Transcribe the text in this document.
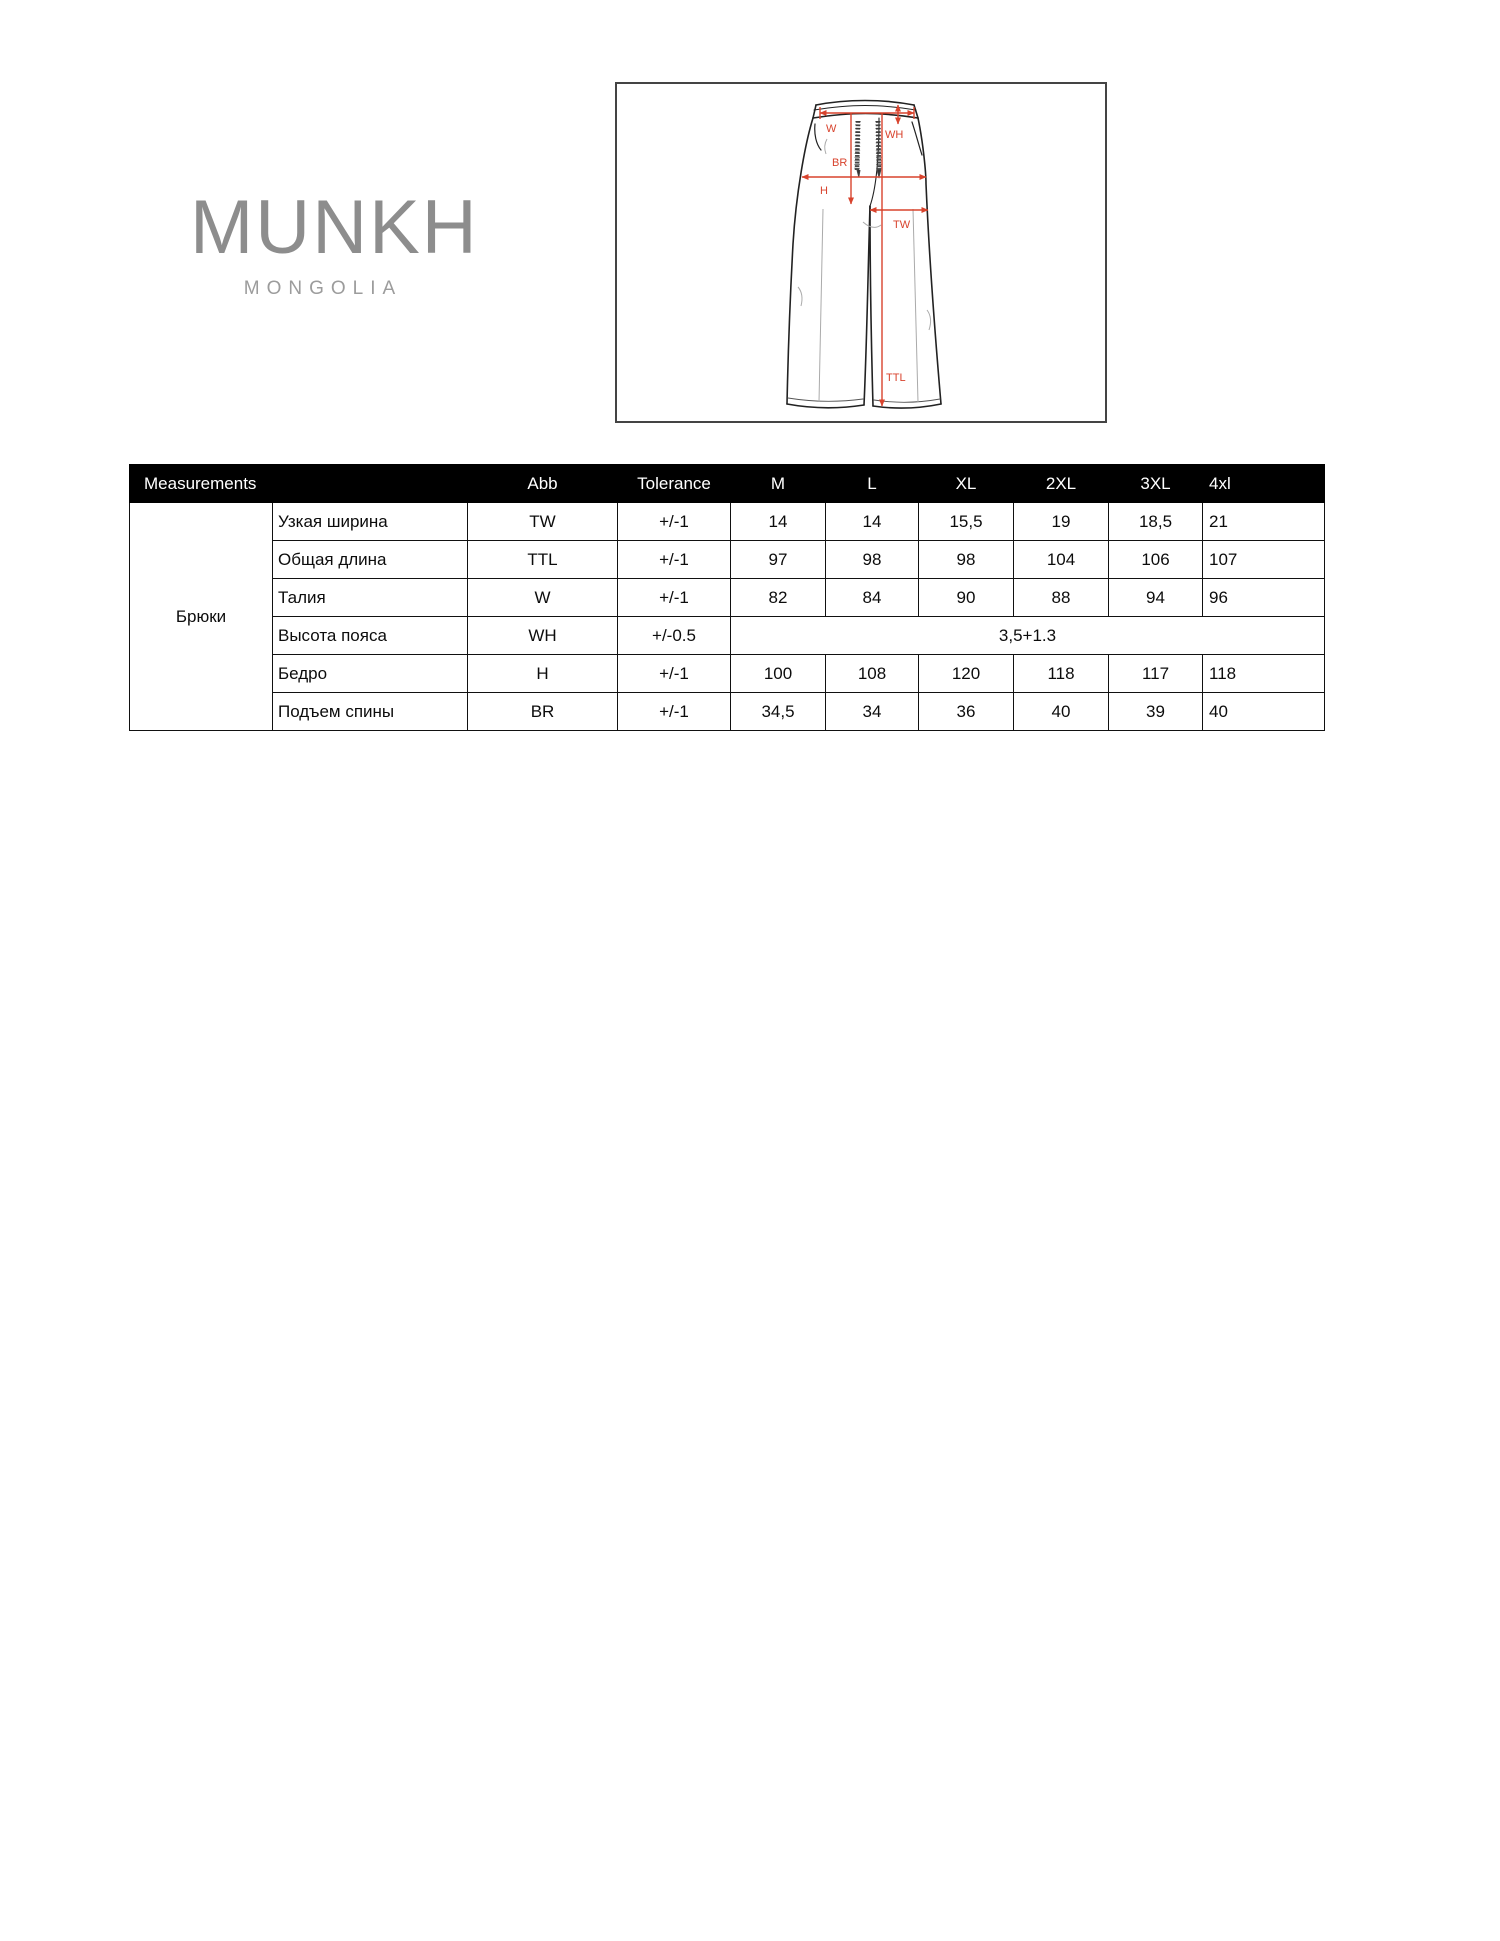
MUNKH
MONGOLIA
W	WH
BR
H
TW
TTL
Measurements		Abb	Tolerance	M	L	XL	2XL	3XL	4xl
Брюки	Узкая ширина	TW	+/-1	14	14	15,5	19	18,5	21
	Общая длина	TTL	+/-1	97	98	98	104	106	107
	Талия	W	+/-1	82	84	90	88	94	96
	Высота пояса	WH	+/-0.5	3,5+1.3					
	Бедро	H	+/-1	100	108	120	118	117	118
	Подъем спины	BR	+/-1	34,5	34	36	40	39	40
